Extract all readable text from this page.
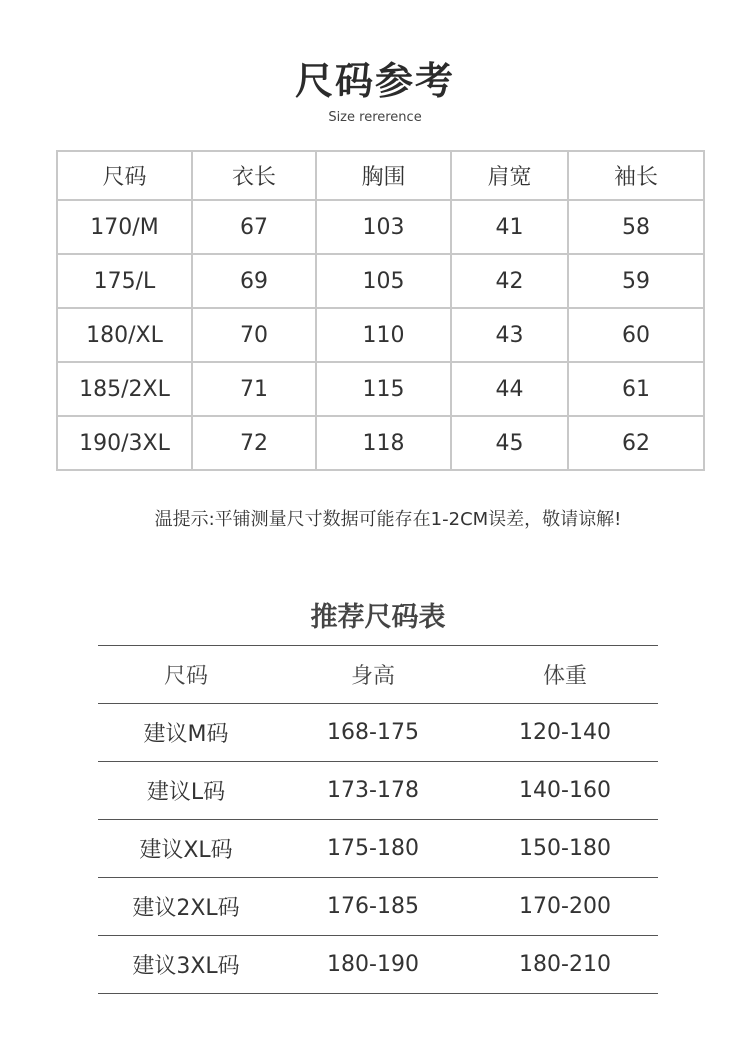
尺码参考

Size rererence

尺码	衣长	胸围	肩宽	袖长
170/M	67	103	41	58
175/L	69	105	42	59
180/XL	70	110	43	60
185/2XL	71	115	44	61
190/3XL	72	118	45	62

温提示:平铺测量尺寸数据可能存在1-2CM误差，敬请谅解!

推荐尺码表
尺码	身高	体重
建议M码	168-175	120-140
建议L码	173-178	140-160
建议XL码	175-180	150-180
建议2XL码	176-185	170-200
建议3XL码	180-190	180-210
